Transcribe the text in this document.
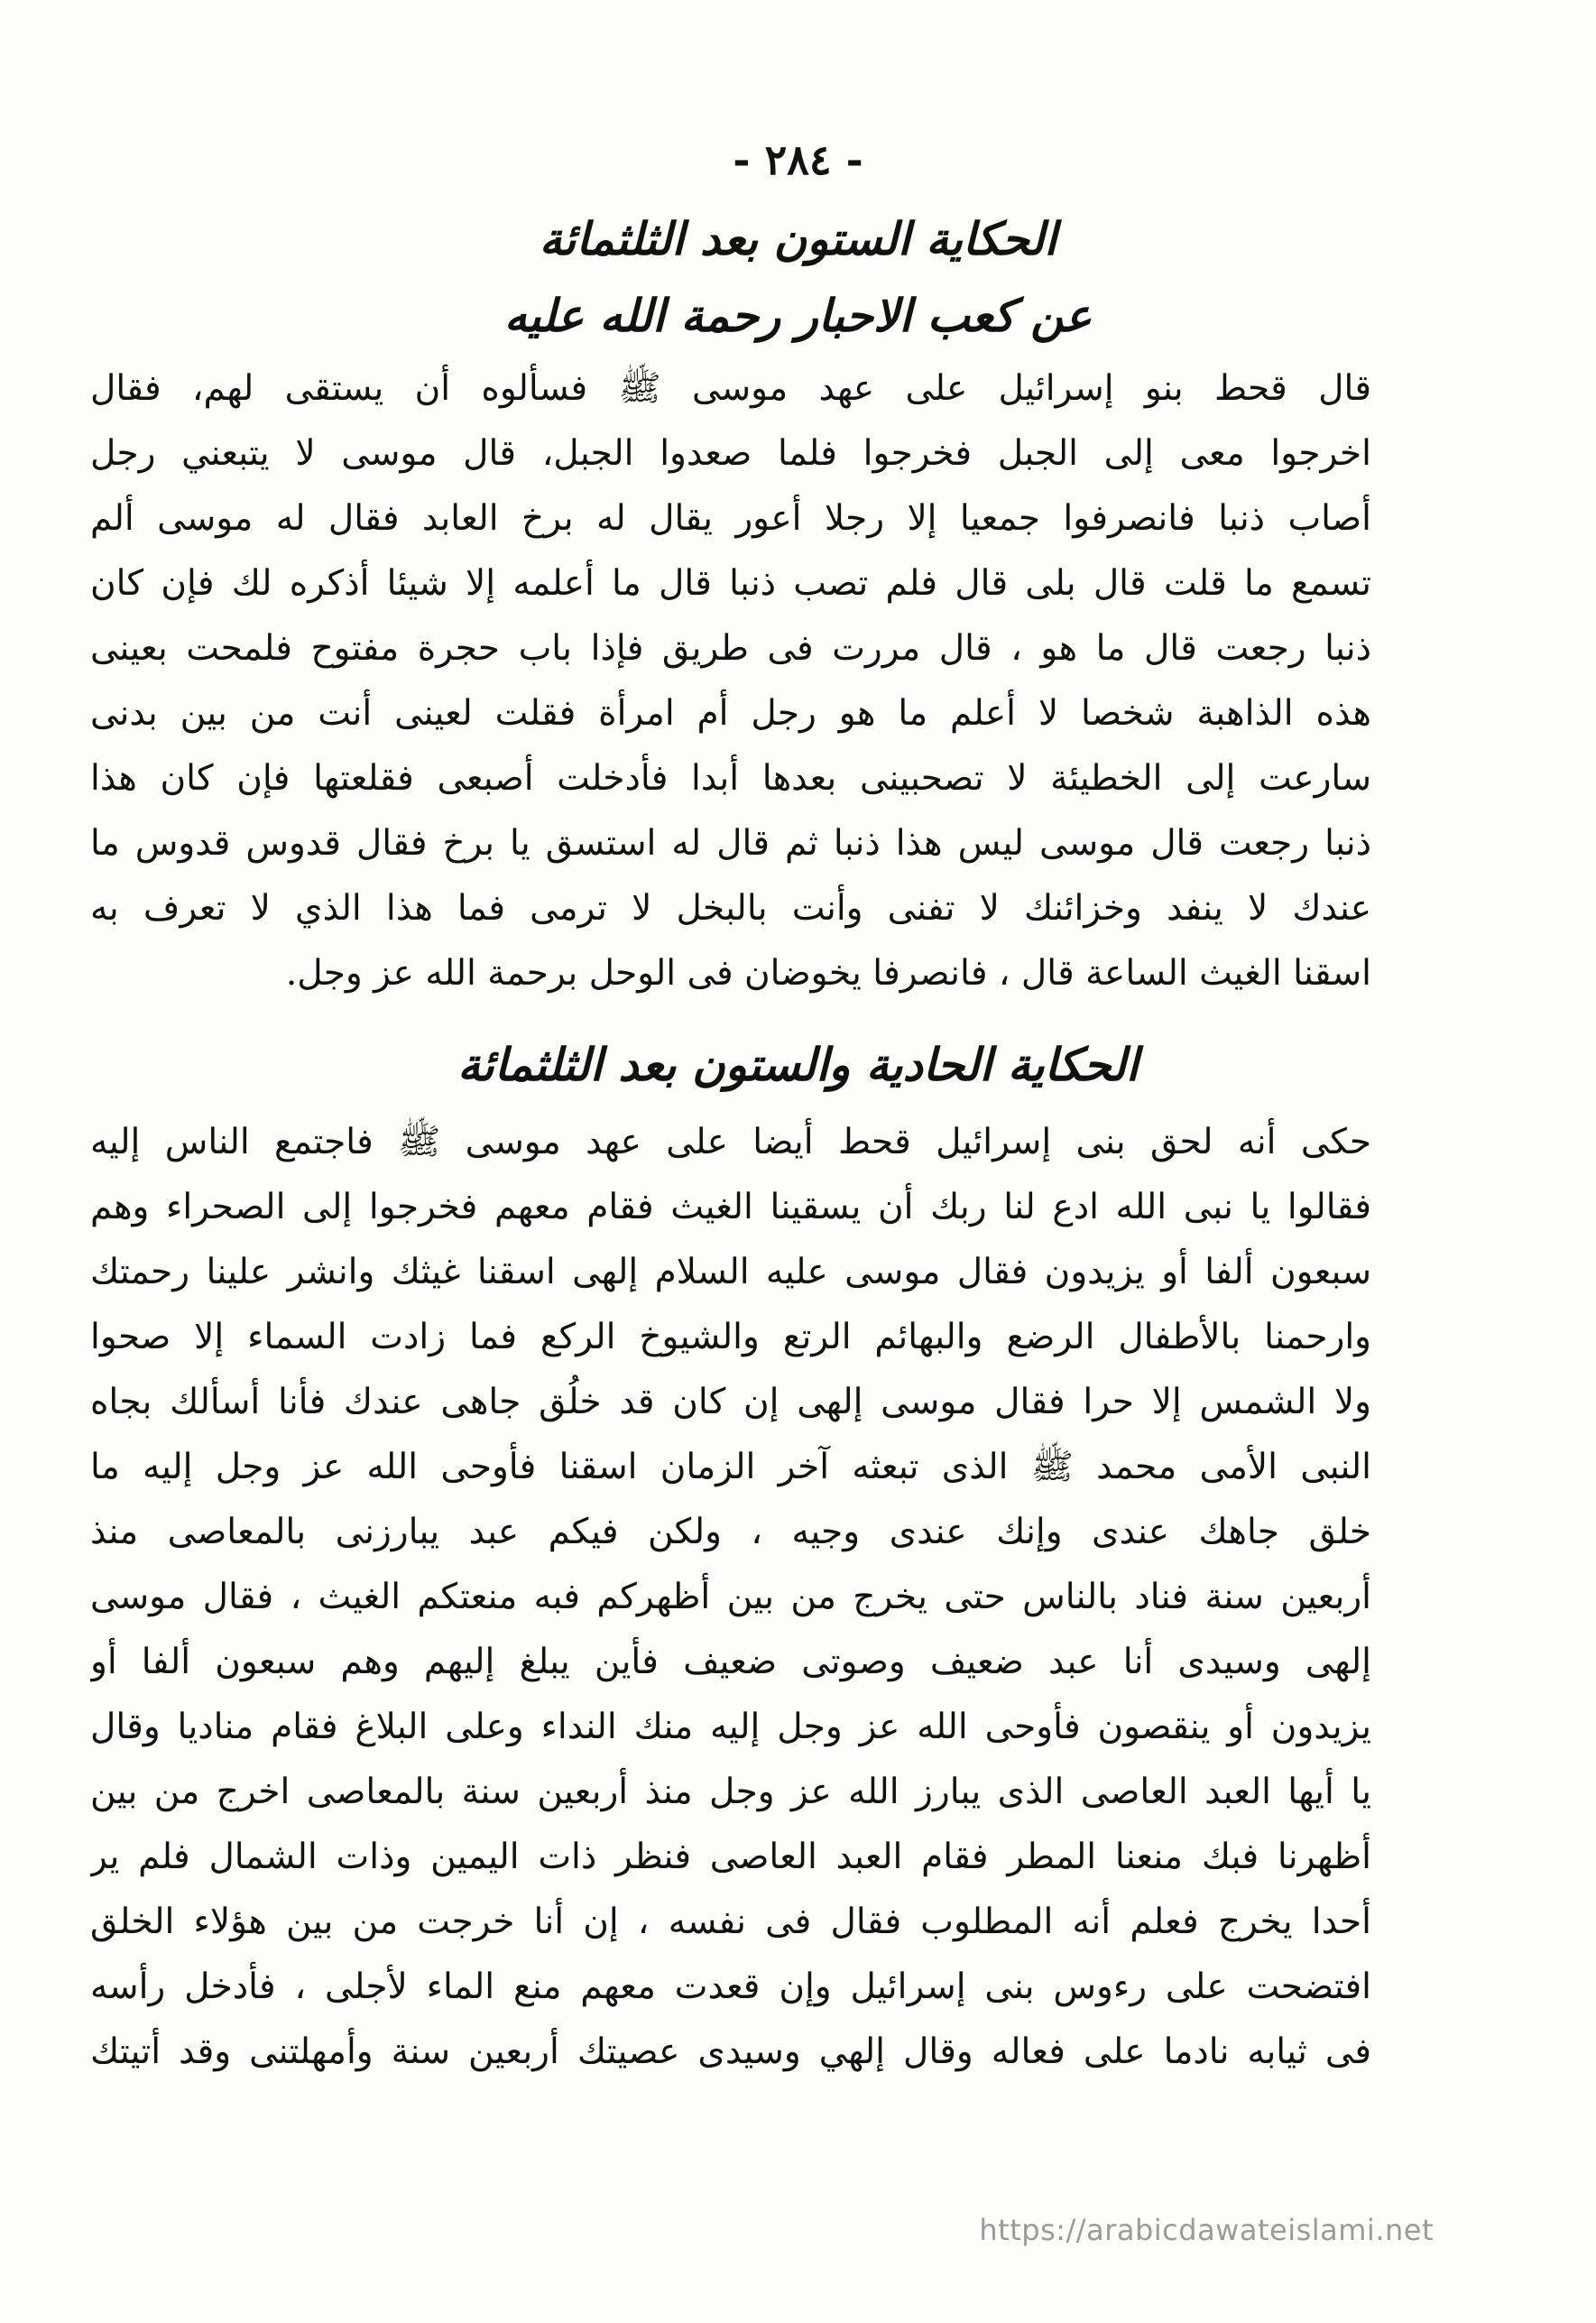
- ٢٨٤ -
الحكاية الستون بعد الثلثمائة
عن كعب الاحبار رحمة الله عليه
قال قحط بنو إسرائيل على عهد موسى ﷺ فسألوه أن يستقى لهم، فقال
اخرجوا معى إلى الجبل فخرجوا فلما صعدوا الجبل، قال موسى لا يتبعني رجل
أصاب ذنبا فانصرفوا جمعيا إلا رجلا أعور يقال له برخ العابد فقال له موسى ألم
تسمع ما قلت قال بلى قال فلم تصب ذنبا قال ما أعلمه إلا شيئا أذكره لك فإن كان
ذنبا رجعت قال ما هو ، قال مررت فى طريق فإذا باب حجرة مفتوح فلمحت بعينى
هذه الذاهبة شخصا لا أعلم ما هو رجل أم امرأة فقلت لعينى أنت من بين بدنى
سارعت إلى الخطيئة لا تصحبينى بعدها أبدا فأدخلت أصبعى فقلعتها فإن كان هذا
ذنبا رجعت قال موسى ليس هذا ذنبا ثم قال له استسق يا برخ فقال قدوس قدوس ما
عندك لا ينفد وخزائنك لا تفنى وأنت بالبخل لا ترمى فما هذا الذي لا تعرف به
اسقنا الغيث الساعة قال ، فانصرفا يخوضان فى الوحل برحمة الله عز وجل.
الحكاية الحادية والستون بعد الثلثمائة
حكى أنه لحق بنى إسرائيل قحط أيضا على عهد موسى ﷺ فاجتمع الناس إليه
فقالوا يا نبى الله ادع لنا ربك أن يسقينا الغيث فقام معهم فخرجوا إلى الصحراء وهم
سبعون ألفا أو يزيدون فقال موسى عليه السلام إلهى اسقنا غيثك وانشر علينا رحمتك
وارحمنا بالأطفال الرضع والبهائم الرتع والشيوخ الركع فما زادت السماء إلا صحوا
ولا الشمس إلا حرا فقال موسى إلهى إن كان قد خلُق جاهى عندك فأنا أسألك بجاه
النبى الأمى محمد ﷺ الذى تبعثه آخر الزمان اسقنا فأوحى الله عز وجل إليه ما
خلق جاهك عندى وإنك عندى وجيه ، ولكن فيكم عبد يبارزنى بالمعاصى منذ
أربعين سنة فناد بالناس حتى يخرج من بين أظهركم فبه منعتكم الغيث ، فقال موسى
إلهى وسيدى أنا عبد ضعيف وصوتى ضعيف فأين يبلغ إليهم وهم سبعون ألفا أو
يزيدون أو ينقصون فأوحى الله عز وجل إليه منك النداء وعلى البلاغ فقام مناديا وقال
يا أيها العبد العاصى الذى يبارز الله عز وجل منذ أربعين سنة بالمعاصى اخرج من بين
أظهرنا فبك منعنا المطر فقام العبد العاصى فنظر ذات اليمين وذات الشمال فلم ير
أحدا يخرج فعلم أنه المطلوب فقال فى نفسه ، إن أنا خرجت من بين هؤلاء الخلق
افتضحت على رءوس بنى إسرائيل وإن قعدت معهم منع الماء لأجلى ، فأدخل رأسه
فى ثيابه نادما على فعاله وقال إلهي وسيدى عصيتك أربعين سنة وأمهلتنى وقد أتيتك
https://arabicdawateislami.net
